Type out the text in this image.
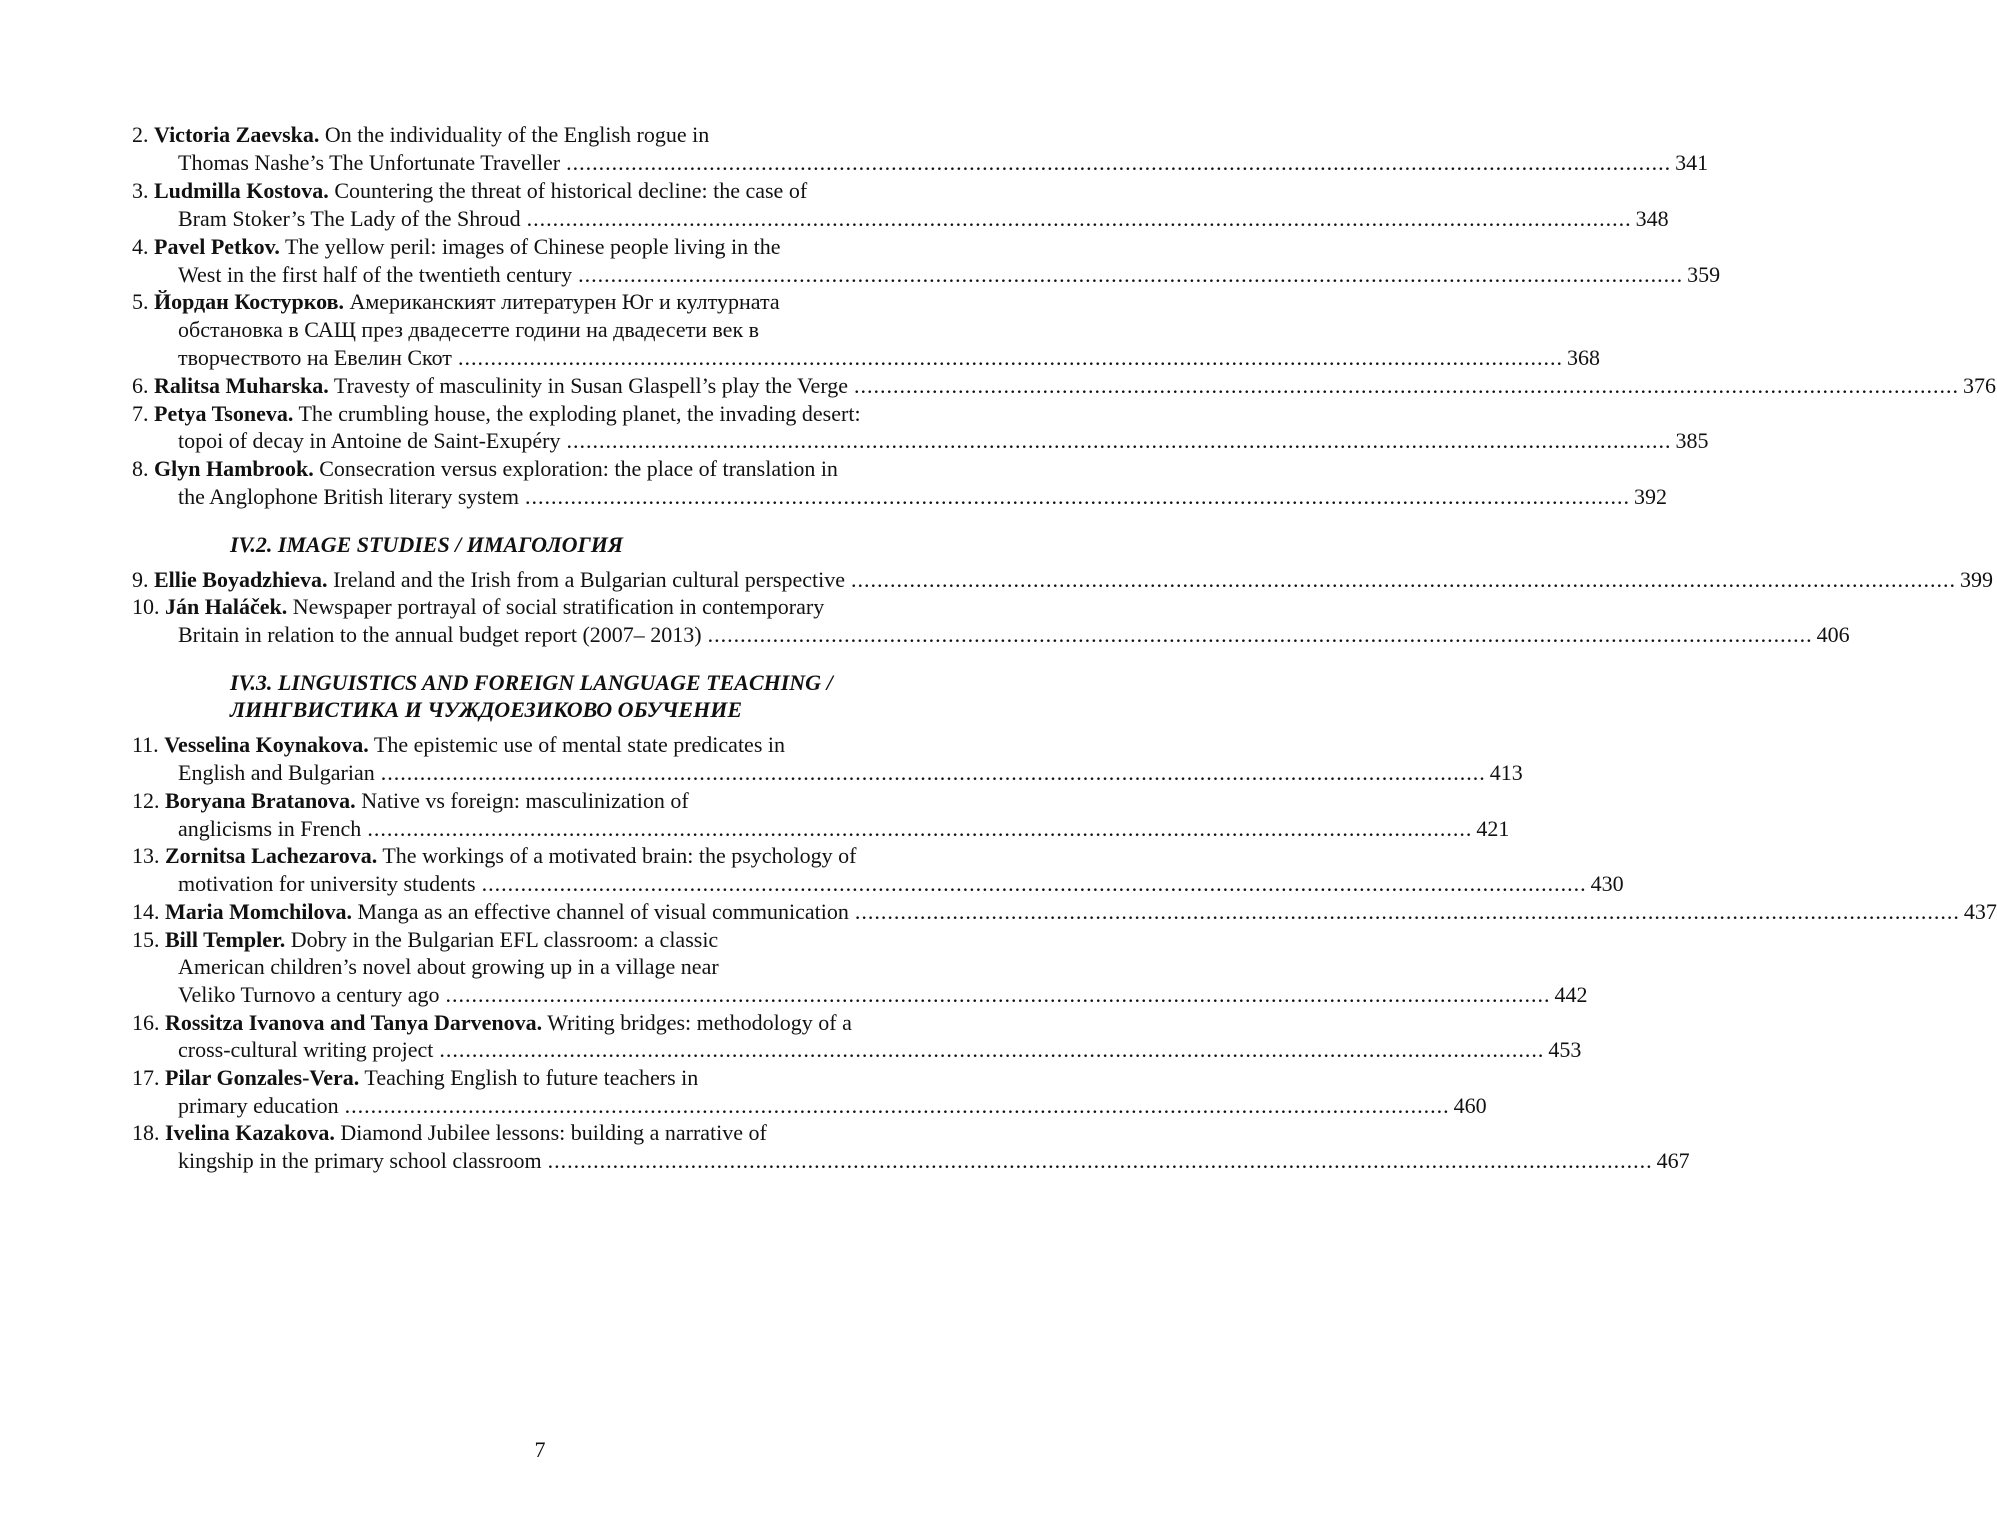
2. Victoria Zaevska. On the individuality of the English rogue in
Thomas Nashe’s The Unfortunate Traveller .......................................................................................................................................................................... 341
3. Ludmilla Kostova. Countering the threat of historical decline: the case of
Bram Stoker’s The Lady of the Shroud .......................................................................................................................................................................... 348
4. Pavel Petkov. The yellow peril: images of Chinese people living in the
West in the first half of the twentieth century .......................................................................................................................................................................... 359
5. Йордан Костурков. Американският литературен Юг и културната
обстановка в САЩ през двадесетте години на двадесети век в
творчеството на Евелин Скот .......................................................................................................................................................................... 368
6. Ralitsa Muharska. Travesty of masculinity in Susan Glaspell’s play the Verge .......................................................................................................................................................................... 376
7. Petya Tsoneva. The crumbling house, the exploding planet, the invading desert:
topoi of decay in Antoine de Saint-Exupéry .......................................................................................................................................................................... 385
8. Glyn Hambrook. Consecration versus exploration: the place of translation in
the Anglophone British literary system .......................................................................................................................................................................... 392
IV.2. IMAGE STUDIES / ИМАГОЛОГИЯ
9. Ellie Boyadzhieva. Ireland and the Irish from a Bulgarian cultural perspective .......................................................................................................................................................................... 399
10. Ján Haláček. Newspaper portrayal of social stratification in contemporary
Britain in relation to the annual budget report (2007– 2013) .......................................................................................................................................................................... 406
IV.3. LINGUISTICS AND FOREIGN LANGUAGE TEACHING /
ЛИНГВИСТИКА И ЧУЖДОЕЗИКОВО ОБУЧЕНИЕ
11. Vesselina Koynakova. The epistemic use of mental state predicates in
English and Bulgarian .......................................................................................................................................................................... 413
12. Boryana Bratanova. Native vs foreign: masculinization of
anglicisms in French .......................................................................................................................................................................... 421
13. Zornitsa Lachezarova. The workings of a motivated brain: the psychology of
motivation for university students .......................................................................................................................................................................... 430
14. Maria Momchilova. Manga as an effective channel of visual communication .......................................................................................................................................................................... 437
15. Bill Templer. Dobry in the Bulgarian EFL classroom: a classic
American children’s novel about growing up in a village near
Veliko Turnovo a century ago .......................................................................................................................................................................... 442
16. Rossitza Ivanova and Tanya Darvenova. Writing bridges: methodology of a
cross-cultural writing project .......................................................................................................................................................................... 453
17. Pilar Gonzales-Vera. Teaching English to future teachers in
primary education .......................................................................................................................................................................... 460
18. Ivelina Kazakova. Diamond Jubilee lessons: building a narrative of
kingship in the primary school classroom .......................................................................................................................................................................... 467
7
